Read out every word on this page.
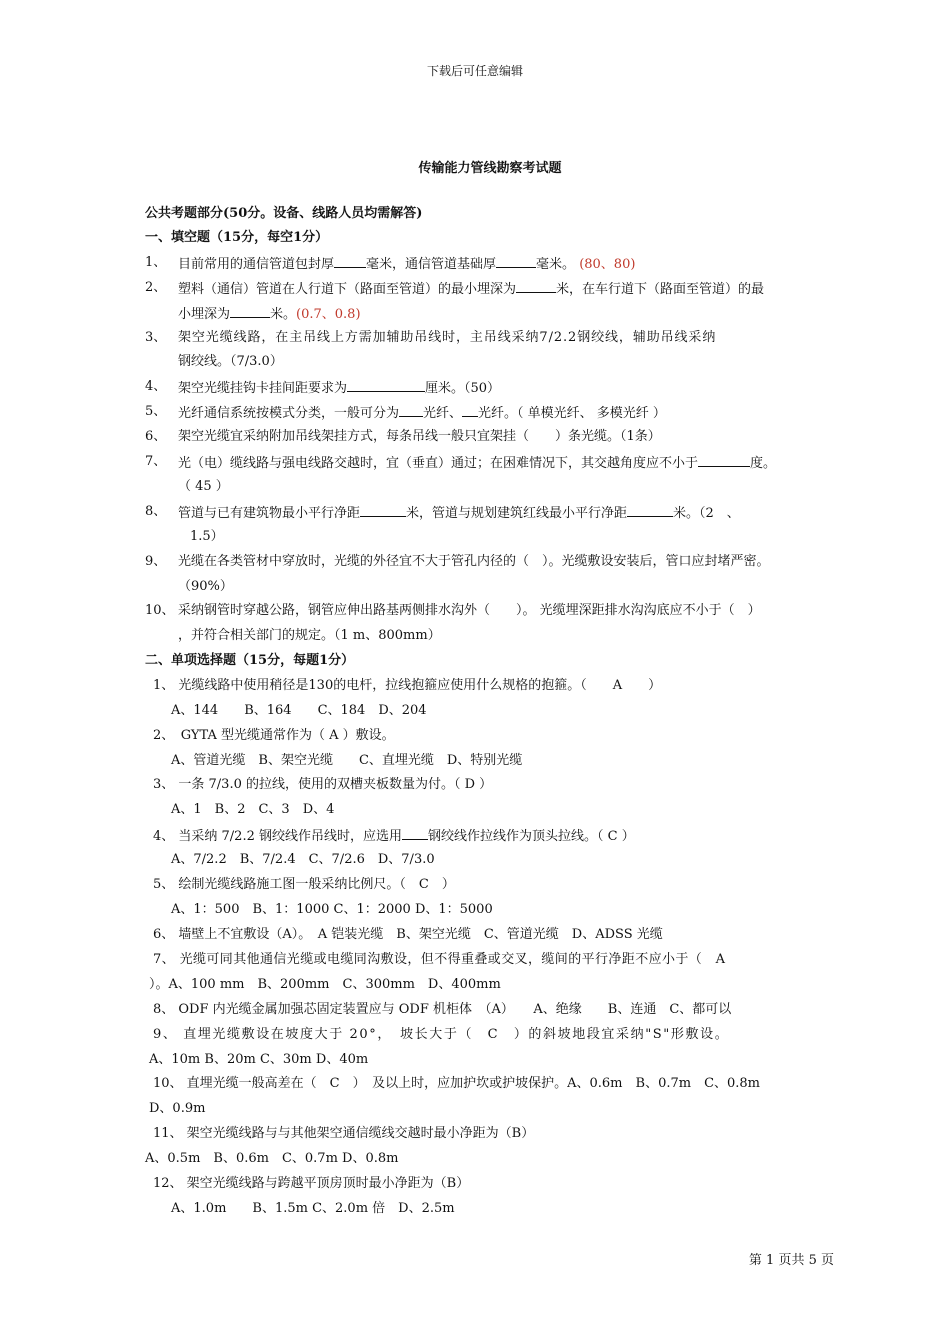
下载后可任意编辑
传输能力管线勘察考试题
公共考题部分(50分。设备、线路人员均需解答)
一、填空题（15分，每空1分）
1、 目前常用的通信管道包封厚 毫米，通信管道基础厚	毫米。 (80、80)
2、 塑料（通信）管道在人行道下（路面至管道）的最小埋深为	米，在车行道下（路面至管道）的最
小埋深为	米。(0.7、0.8)
3、 架空光缆线路，在主吊线上方需加辅助吊线时，主吊线采纳7/2.2钢绞线，辅助吊线采纳
钢绞线。（7/3.0）
4、 架空光缆挂钩卡挂间距要求为	厘米。（50）
5、 光纤通信系统按模式分类，一般可分为 光纤、 光纤。（ 单模光纤、 多模光纤 ）
6、 架空光缆宜采纳附加吊线架挂方式，每条吊线一般只宜架挂（　　）条光缆。（1条）
7、 光（电）缆线路与强电线路交越时，宜（垂直）通过；在困难情况下，其交越角度应不小于	度。
（ 45 ）
8、 管道与已有建筑物最小平行净距	米，管道与规划建筑红线最小平行净距	米。（2　、
1.5）
9、 光缆在各类管材中穿放时，光缆的外径宜不大于管孔内径的（　）。光缆敷设安装后，管口应封堵严密。
（90%）
10、 采纳钢管时穿越公路，钢管应伸出路基两侧排水沟外（　　）。 光缆埋深距排水沟沟底应不小于（　）
，并符合相关部门的规定。（1 m、800mm）
二、单项选择题（15分，每题1分）
1、 光缆线路中使用稍径是130的电杆，拉线抱箍应使用什么规格的抱箍。（　　A　　）
A、144　　B、164　　C、184　D、204
2、　GYTA 型光缆通常作为（ A ）敷设。
A、管道光缆　B、架空光缆　　C、直埋光缆　D、特别光缆
3、 一条 7/3.0 的拉线，使用的双槽夹板数量为付。（ D ）
A、1　B、2　C、3　D、4
4、 当采纳 7/2.2 钢绞线作吊线时，应选用 钢绞线作拉线作为顶头拉线。（ C ）
A、7/2.2　B、7/2.4　C、7/2.6　D、7/3.0
5、 绘制光缆线路施工图一般采纳比例尺。（　C　）
A、1：500　B、1：1000 C、1：2000 D、1：5000
6、 墙壁上不宜敷设（A）。　A 铠装光缆　B、架空光缆　C、管道光缆　D、ADSS 光缆
7、 光缆可同其他通信光缆或电缆同沟敷设，但不得重叠或交叉，缆间的平行净距不应小于（　A
）。A、100 mm　B、200mm　C、300mm　D、400mm
8、 ODF 内光缆金属加强芯固定装置应与 ODF 机柜体　（A）　　A、绝缘　　B、连通　C、都可以
9、 直埋光缆敷设在坡度大于 20°，　坡长大于（　C　）的斜坡地段宜采纳"S"形敷设。
A、10m B、20m C、30m D、40m
10、 直埋光缆一般高差在（　C　）　及以上时，应加护坎或护坡保护。A、0.6m　B、0.7m　C、0.8m
D、0.9m
11、 架空光缆线路与与其他架空通信缆线交越时最小净距为（B）
A、0.5m　B、0.6m　C、0.7m D、0.8m
12、 架空光缆线路与跨越平顶房顶时最小净距为（B）
A、1.0m　　B、1.5m C、2.0m 倍　D、2.5m
第 1 页共 5 页
